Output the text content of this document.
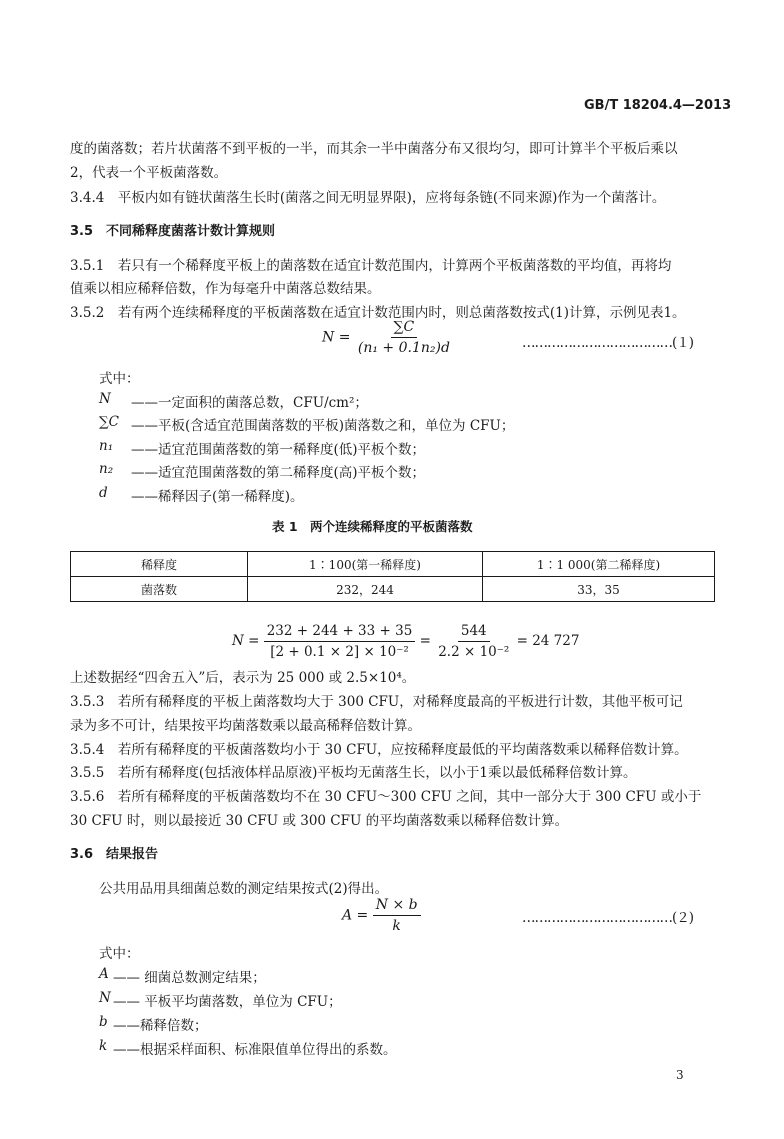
GB/T 18204.4—2013
度的菌落数；若片状菌落不到平板的一半，而其余一半中菌落分布又很均匀，即可计算半个平板后乘以
2，代表一个平板菌落数。
3.4.4　平板内如有链状菌落生长时(菌落之间无明显界限)，应将每条链(不同来源)作为一个菌落计。
3.5　不同稀释度菌落计数计算规则
3.5.1　若只有一个稀释度平板上的菌落数在适宜计数范围内，计算两个平板菌落数的平均值，再将均
值乘以相应稀释倍数，作为每毫升中菌落总数结果。
3.5.2　若有两个连续稀释度的平板菌落数在适宜计数范围内时，则总菌落数按式(1)计算，示例见表1。
$N = \frac{\sum C}{\text{(n₁ + 0.1n₂)d}}$	………………………………(１)
式中：
N ——一定面积的菌落总数，CFU/cm²；
∑C ——平板(含适宜范围菌落数的平板)菌落数之和，单位为 CFU；
n₁ ——适宜范围菌落数的第一稀释度(低)平板个数；
n₂ ——适宜范围菌落数的第二稀释度(高)平板个数；
d ——稀释因子(第一稀释度)。
表 1　两个连续稀释度的平板菌落数
稀释度	1∶100(第一稀释度)	1∶1 000(第二稀释度)
菌落数	232，244	33，35
$N = \frac{232 + 244 + 33 + 35}{\text{[2 + 0.1 × 2] × 10⁻²}} = \frac{544}{\text{2.2 × 10⁻²}} = 24$ 727
上述数据经“四舍五入”后，表示为 25 000 或 2.5×10⁴。
3.5.3　若所有稀释度的平板上菌落数均大于 300 CFU，对稀释度最高的平板进行计数，其他平板可记
录为多不可计，结果按平均菌落数乘以最高稀释倍数计算。
3.5.4　若所有稀释度的平板菌落数均小于 30 CFU，应按稀释度最低的平均菌落数乘以稀释倍数计算。
3.5.5　若所有稀释度(包括液体样品原液)平板均无菌落生长，以小于1乘以最低稀释倍数计算。
3.5.6　若所有稀释度的平板菌落数均不在 30 CFU～300 CFU 之间，其中一部分大于 300 CFU 或小于
30 CFU 时，则以最接近 30 CFU 或 300 CFU 的平均菌落数乘以稀释倍数计算。
3.6　结果报告
公共用品用具细菌总数的测定结果按式(2)得出。
$A = \frac{N \times b}{k}$	………………………………(２)
式中：
A —— 细菌总数测定结果；
N —— 平板平均菌落数，单位为 CFU；
b ——稀释倍数；
k ——根据采样面积、标准限值单位得出的系数。
3
